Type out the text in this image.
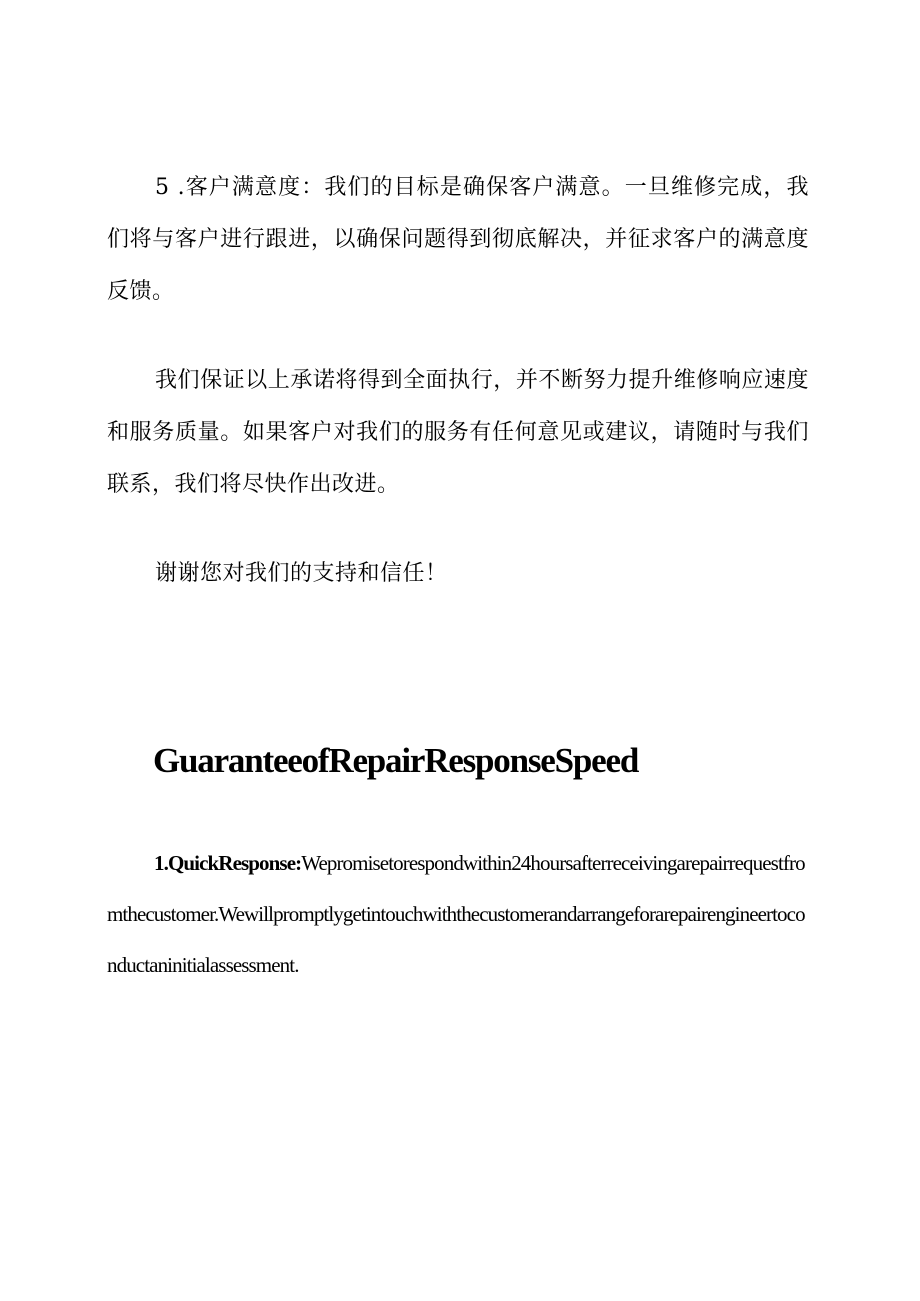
5 .客户满意度：我们的目标是确保客户满意。一旦维修完成，我们将与客户进行跟进，以确保问题得到彻底解决，并征求客户的满意度反馈。

我们保证以上承诺将得到全面执行，并不断努力提升维修响应速度和服务质量。如果客户对我们的服务有任何意见或建议，请随时与我们联系，我们将尽快作出改进。

谢谢您对我们的支持和信任！

GuaranteeofRepairResponseSpeed

1.QuickResponse:Wepromisetorespondwithin24hoursafterreceivingarepairrequestfromthecustomer.Wewillpromptlygetintouchwiththecustomerandarrangeforarepairengineertoconductaninitialassessment.
